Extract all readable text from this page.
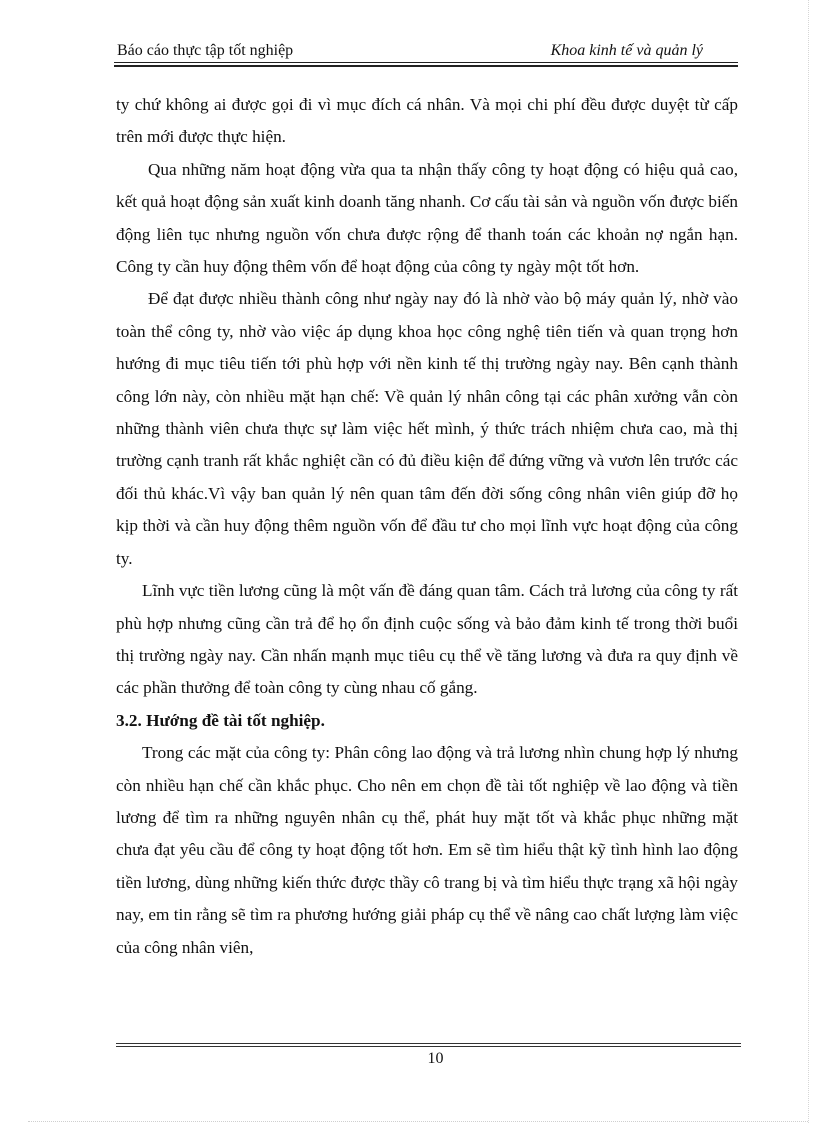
Báo cáo thực tập tốt nghiệp	Khoa kinh tế và quản lý

ty chứ không ai được gọi đi vì mục đích cá nhân. Và mọi chi phí đều được duyệt từ cấp trên mới được thực hiện.

Qua những năm hoạt động vừa qua ta nhận thấy công ty hoạt động có hiệu quả cao, kết quả hoạt động sản xuất kinh doanh tăng nhanh. Cơ cấu tài sản và nguồn vốn được biến động liên tục nhưng nguồn vốn chưa được rộng để thanh toán các khoản nợ ngắn hạn. Công ty cần huy động thêm vốn để hoạt động của công ty ngày một tốt hơn.

Để đạt được nhiều thành công như ngày nay đó là nhờ vào bộ máy quản lý, nhờ vào toàn thể công ty, nhờ vào việc áp dụng khoa học công nghệ tiên tiến và quan trọng hơn hướng đi mục tiêu tiến tới phù hợp với nền kinh tế thị trường ngày nay. Bên cạnh thành công lớn này, còn nhiều mặt hạn chế: Về quản lý nhân công tại các phân xưởng vẫn còn những thành viên chưa thực sự làm việc hết mình, ý thức trách nhiệm chưa cao, mà thị trường cạnh tranh rất khắc nghiệt cần có đủ điều kiện để đứng vững và vươn lên trước các đối thủ khác.Vì vậy ban quản lý nên quan tâm đến đời sống công nhân viên giúp đỡ họ kịp thời và cần huy động thêm nguồn vốn để đầu tư cho mọi lĩnh vực hoạt động của công ty.

Lĩnh vực tiền lương cũng là một vấn đề đáng quan tâm. Cách trả lương của công ty rất phù hợp nhưng cũng cần trả để họ ổn định cuộc sống và bảo đảm kinh tế trong thời buổi thị trường ngày nay. Cần nhấn mạnh mục tiêu cụ thể về tăng lương và đưa ra quy định về các phần thưởng để toàn công ty cùng nhau cố gắng.

3.2. Hướng đề tài tốt nghiệp.

Trong các mặt của công ty: Phân công lao động và trả lương nhìn chung hợp lý nhưng còn nhiều hạn chế cần khắc phục. Cho nên em chọn đề tài tốt nghiệp về lao động và tiền lương để tìm ra những nguyên nhân cụ thể, phát huy mặt tốt và khắc phục những mặt chưa đạt yêu cầu để công ty hoạt động tốt hơn. Em sẽ tìm hiểu thật kỹ tình hình lao động tiền lương, dùng những kiến thức được thầy cô trang bị và tìm hiểu thực trạng xã hội ngày nay, em tin rằng sẽ tìm ra phương hướng giải pháp cụ thể về nâng cao chất lượng làm việc của công nhân viên,

10
